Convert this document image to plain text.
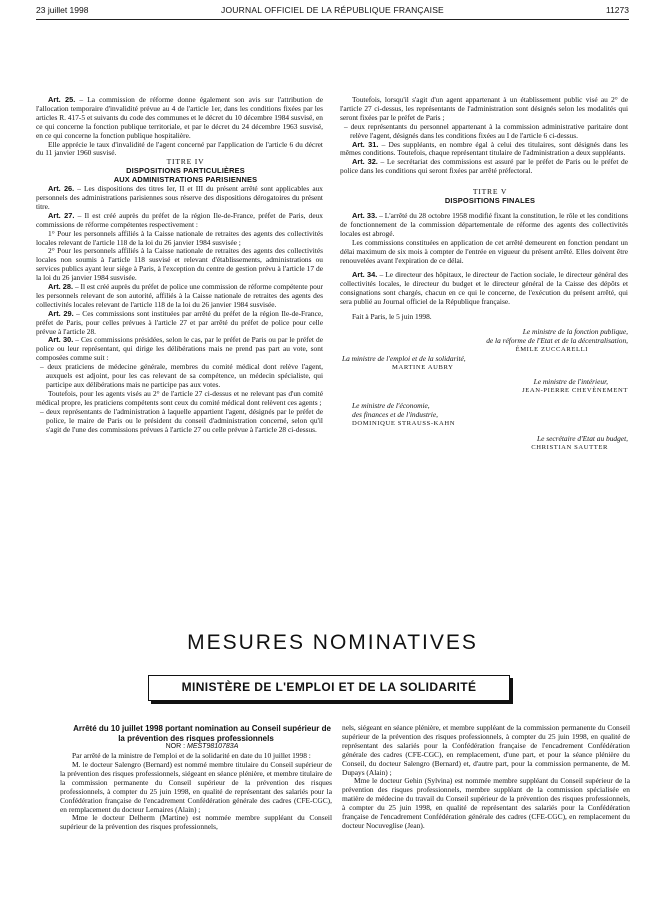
23 juillet 1998	JOURNAL OFFICIEL DE LA RÉPUBLIQUE FRANÇAISE	11273

Art. 25. – La commission de réforme donne également son avis sur l'attribution de l'allocation temporaire d'invalidité prévue au 4 de l'article 1er, dans les conditions fixées par les articles R. 417-5 et suivants du code des communes et le décret du 10 décembre 1984 susvisé, en ce qui concerne la fonction publique territoriale, et par le décret du 24 décembre 1963 susvisé, en ce qui concerne la fonction publique hospitalière.

Elle apprécie le taux d'invalidité de l'agent concerné par l'application de l'article 6 du décret du 11 janvier 1960 susvisé.

TITRE IV

DISPOSITIONS PARTICULIÈRES

AUX ADMINISTRATIONS PARISIENNES

Art. 26. – Les dispositions des titres Ier, II et III du présent arrêté sont applicables aux personnels des administrations parisiennes sous réserve des dispositions dérogatoires du présent titre.

Art. 27. – Il est créé auprès du préfet de la région Ile-de-France, préfet de Paris, deux commissions de réforme compétentes respectivement :

1° Pour les personnels affiliés à la Caisse nationale de retraites des agents des collectivités locales relevant de l'article 118 de la loi du 26 janvier 1984 susvisée ;

2° Pour les personnels affiliés à la Caisse nationale de retraites des agents des collectivités locales non soumis à l'article 118 susvisé et relevant d'établissements, administrations ou services publics ayant leur siège à Paris, à l'exception du centre de gestion prévu à l'article 17 de la loi du 26 janvier 1984 susvisée.

Art. 28. – Il est créé auprès du préfet de police une commission de réforme compétente pour les personnels relevant de son autorité, affiliés à la Caisse nationale de retraites des agents des collectivités locales relevant de l'article 118 de la loi du 26 janvier 1984 susvisée.

Art. 29. – Ces commissions sont instituées par arrêté du préfet de la région Ile-de-France, préfet de Paris, pour celles prévues à l'article 27 et par arrêté du préfet de police pour celle prévue à l'article 28.

Art. 30. – Ces commissions présidées, selon le cas, par le préfet de Paris ou par le préfet de police ou leur représentant, qui dirige les délibérations mais ne prend pas part au vote, sont composées comme suit :

– deux praticiens de médecine générale, membres du comité médical dont relève l'agent, auxquels est adjoint, pour les cas relevant de sa compétence, un médecin spécialiste, qui participe aux délibérations mais ne participe pas aux votes.

Toutefois, pour les agents visés au 2° de l'article 27 ci-dessus et ne relevant pas d'un comité médical propre, les praticiens compétents sont ceux du comité médical dont relèvent ces agents ;

– deux représentants de l'administration à laquelle appartient l'agent, désignés par le préfet de police, le maire de Paris ou le président du conseil d'administration concerné, selon qu'il s'agit de l'une des commissions prévues à l'article 27 ou celle prévue à l'article 28 ci-dessus.

Toutefois, lorsqu'il s'agit d'un agent appartenant à un établissement public visé au 2° de l'article 27 ci-dessus, les représentants de l'administration sont désignés selon les modalités qui seront fixées par le préfet de Paris ;

– deux représentants du personnel appartenant à la commission administrative paritaire dont relève l'agent, désignés dans les conditions fixées au I de l'article 6 ci-dessus.

Art. 31. – Des suppléants, en nombre égal à celui des titulaires, sont désignés dans les mêmes conditions. Toutefois, chaque représentant titulaire de l'administration a deux suppléants.

Art. 32. – Le secrétariat des commissions est assuré par le préfet de Paris ou le préfet de police dans les conditions qui seront fixées par arrêté préfectoral.

TITRE V

DISPOSITIONS FINALES

Art. 33. – L'arrêté du 28 octobre 1958 modifié fixant la constitution, le rôle et les conditions de fonctionnement de la commission départementale de réforme des agents des collectivités locales est abrogé.

Les commissions constituées en application de cet arrêté demeurent en fonction pendant un délai maximum de six mois à compter de l'entrée en vigueur du présent arrêté. Elles doivent être renouvelées avant l'expiration de ce délai.

Art. 34. – Le directeur des hôpitaux, le directeur de l'action sociale, le directeur général des collectivités locales, le directeur du budget et le directeur général de la Caisse des dépôts et consignations sont chargés, chacun en ce qui le concerne, de l'exécution du présent arrêté, qui sera publié au Journal officiel de la République française.

Fait à Paris, le 5 juin 1998.

Le ministre de la fonction publique,

de la réforme de l'Etat et de la décentralisation,

ÉMILE ZUCCARELLI

La ministre de l'emploi et de la solidarité,

MARTINE AUBRY

Le ministre de l'intérieur,

JEAN-PIERRE CHEVÈNEMENT

Le ministre de l'économie,

des finances et de l'industrie,

DOMINIQUE STRAUSS-KAHN

Le secrétaire d'Etat au budget,

CHRISTIAN SAUTTER

MESURES NOMINATIVES
MINISTÈRE DE L'EMPLOI ET DE LA SOLIDARITÉ

Arrêté du 10 juillet 1998 portant nomination au Conseil supérieur de la prévention des risques professionnels

NOR : MESТ9810783A

Par arrêté de la ministre de l'emploi et de la solidarité en date du 10 juillet 1998 :

M. le docteur Salengro (Bernard) est nommé membre titulaire du Conseil supérieur de la prévention des risques professionnels, siégeant en séance plénière, et membre titulaire de la commission permanente du Conseil supérieur de la prévention des risques professionnels, à compter du 25 juin 1998, en qualité de représentant des salariés pour la Confédération française de l'encadrement Confédération générale des cadres (CFE-CGC), en remplacement du docteur Lemaires (Alain) ;

Mme le docteur Delherm (Martine) est nommée membre suppléant du Conseil supérieur de la prévention des risques professionnels,

nels, siégeant en séance plénière, et membre suppléant de la commission permanente du Conseil supérieur de la prévention des risques professionnels, à compter du 25 juin 1998, en qualité de représentant des salariés pour la Confédération française de l'encadrement Confédération générale des cadres (CFE-CGC), en remplacement, d'une part, et pour la séance plénière du Conseil, du docteur Salengro (Bernard) et, d'autre part, pour la commission permanente, de M. Dupays (Alain) ;

Mme le docteur Gehin (Sylvina) est nommée membre suppléant du Conseil supérieur de la prévention des risques professionnels, membre suppléant de la commission spécialisée en matière de médecine du travail du Conseil supérieur de la prévention des risques professionnels, à compter du 25 juin 1998, en qualité de représentant des salariés pour la Confédération française de l'encadrement Confédération générale des cadres (CFE-CGC), en remplacement du docteur Nocuveglise (Jean).
